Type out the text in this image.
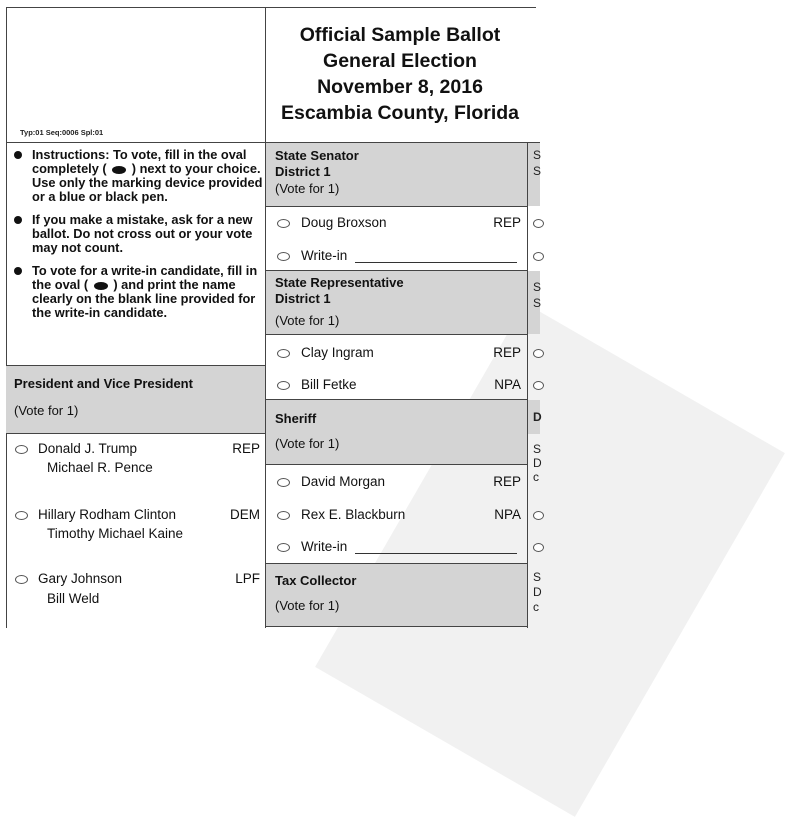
Official Sample Ballot
General Election
November 8, 2016
Escambia County, Florida
Typ:01 Seq:0006 Spl:01
Instructions: To vote, fill in the oval completely ( ) next to your choice. Use only the marking device provided or a blue or black pen.
If you make a mistake, ask for a new ballot. Do not cross out or your vote may not count.
To vote for a write-in candidate, fill in the oval ( ) and print the name clearly on the blank line provided for the write-in candidate.
President and Vice President
(Vote for 1)
Donald J. Trump
Michael R. Pence
REP
Hillary Rodham Clinton
Timothy Michael Kaine
DEM
Gary Johnson
Bill Weld
LPF
State Senator
District 1
(Vote for 1)
Doug Broxson	REP
Write-in
State Representative
District 1
(Vote for 1)
Clay Ingram	REP
Bill Fetke	NPA
Sheriff
(Vote for 1)
David Morgan	REP
Rex E. Blackburn	NPA
Write-in
Tax Collector
(Vote for 1)
S
S
S
S
D
S
D
c
S
D
c
